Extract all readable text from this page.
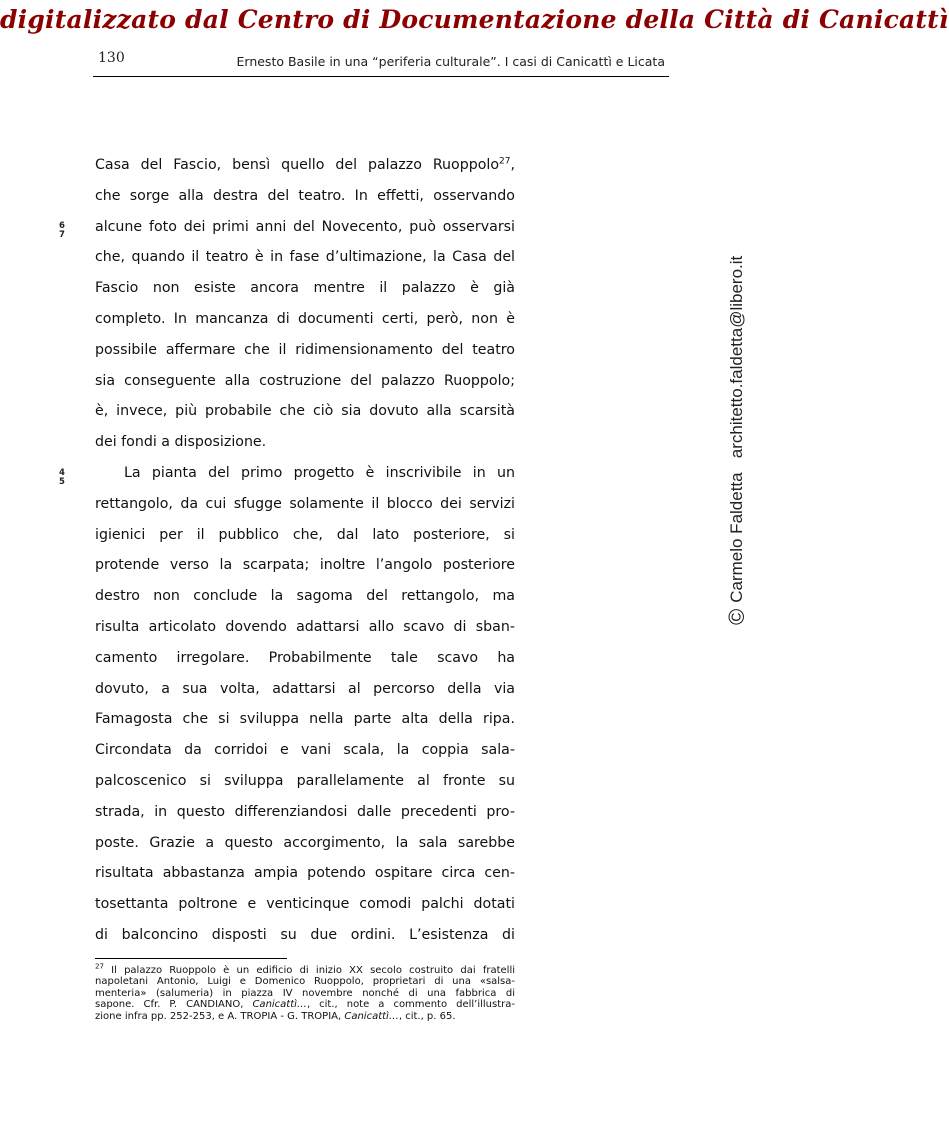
digitalizzato dal Centro di Documentazione della Città di Canicattì
130	Ernesto Basile in una “periferia culturale”. I casi di Canicattì e Licata
6
7
4
5
Casa del Fascio, bensì quello del palazzo Ruoppolo$^{27}$,
che sorge alla destra del teatro. In effetti, osservando
alcune foto dei primi anni del Novecento, può osservarsi
che, quando il teatro è in fase d’ultimazione, la Casa del
Fascio non esiste ancora mentre il palazzo è già
completo. In mancanza di documenti certi, però, non è
possibile affermare che il ridimensionamento del teatro
sia conseguente alla costruzione del palazzo Ruoppolo;
è, invece, più probabile che ciò sia dovuto alla scarsità
dei fondi a disposizione.
La pianta del primo progetto è inscrivibile in un
rettangolo, da cui sfugge solamente il blocco dei servizi
igienici per il pubblico che, dal lato posteriore, si
protende verso la scarpata; inoltre l’angolo posteriore
destro non conclude la sagoma del rettangolo, ma
risulta articolato dovendo adattarsi allo scavo di sban-
camento irregolare. Probabilmente tale scavo ha
dovuto, a sua volta, adattarsi al percorso della via
Famagosta che si sviluppa nella parte alta della ripa.
Circondata da corridoi e vani scala, la coppia sala-
palcoscenico si sviluppa parallelamente al fronte su
strada, in questo differenziandosi dalle precedenti pro-
poste. Grazie a questo accorgimento, la sala sarebbe
risultata abbastanza ampia potendo ospitare circa cen-
tosettanta poltrone e venticinque comodi palchi dotati
di balconcino disposti su due ordini. L’esistenza di
$^{27}$ Il palazzo Ruoppolo è un edificio di inizio XX secolo costruito dai fratelli
napoletani Antonio, Luigi e Domenico Ruoppolo, proprietari di una «salsa-
menteria» (salumeria) in piazza IV novembre nonché di una fabbrica di
sapone. Cfr. P. CANDIANO, Canicattì…, cit., note a commento dell’illustra-
zione infra pp. 252-253, e A. TROPIA - G. TROPIA, Canicattì…, cit., p. 65.
©Carmelo Faldetta   architetto.faldetta@libero.it
